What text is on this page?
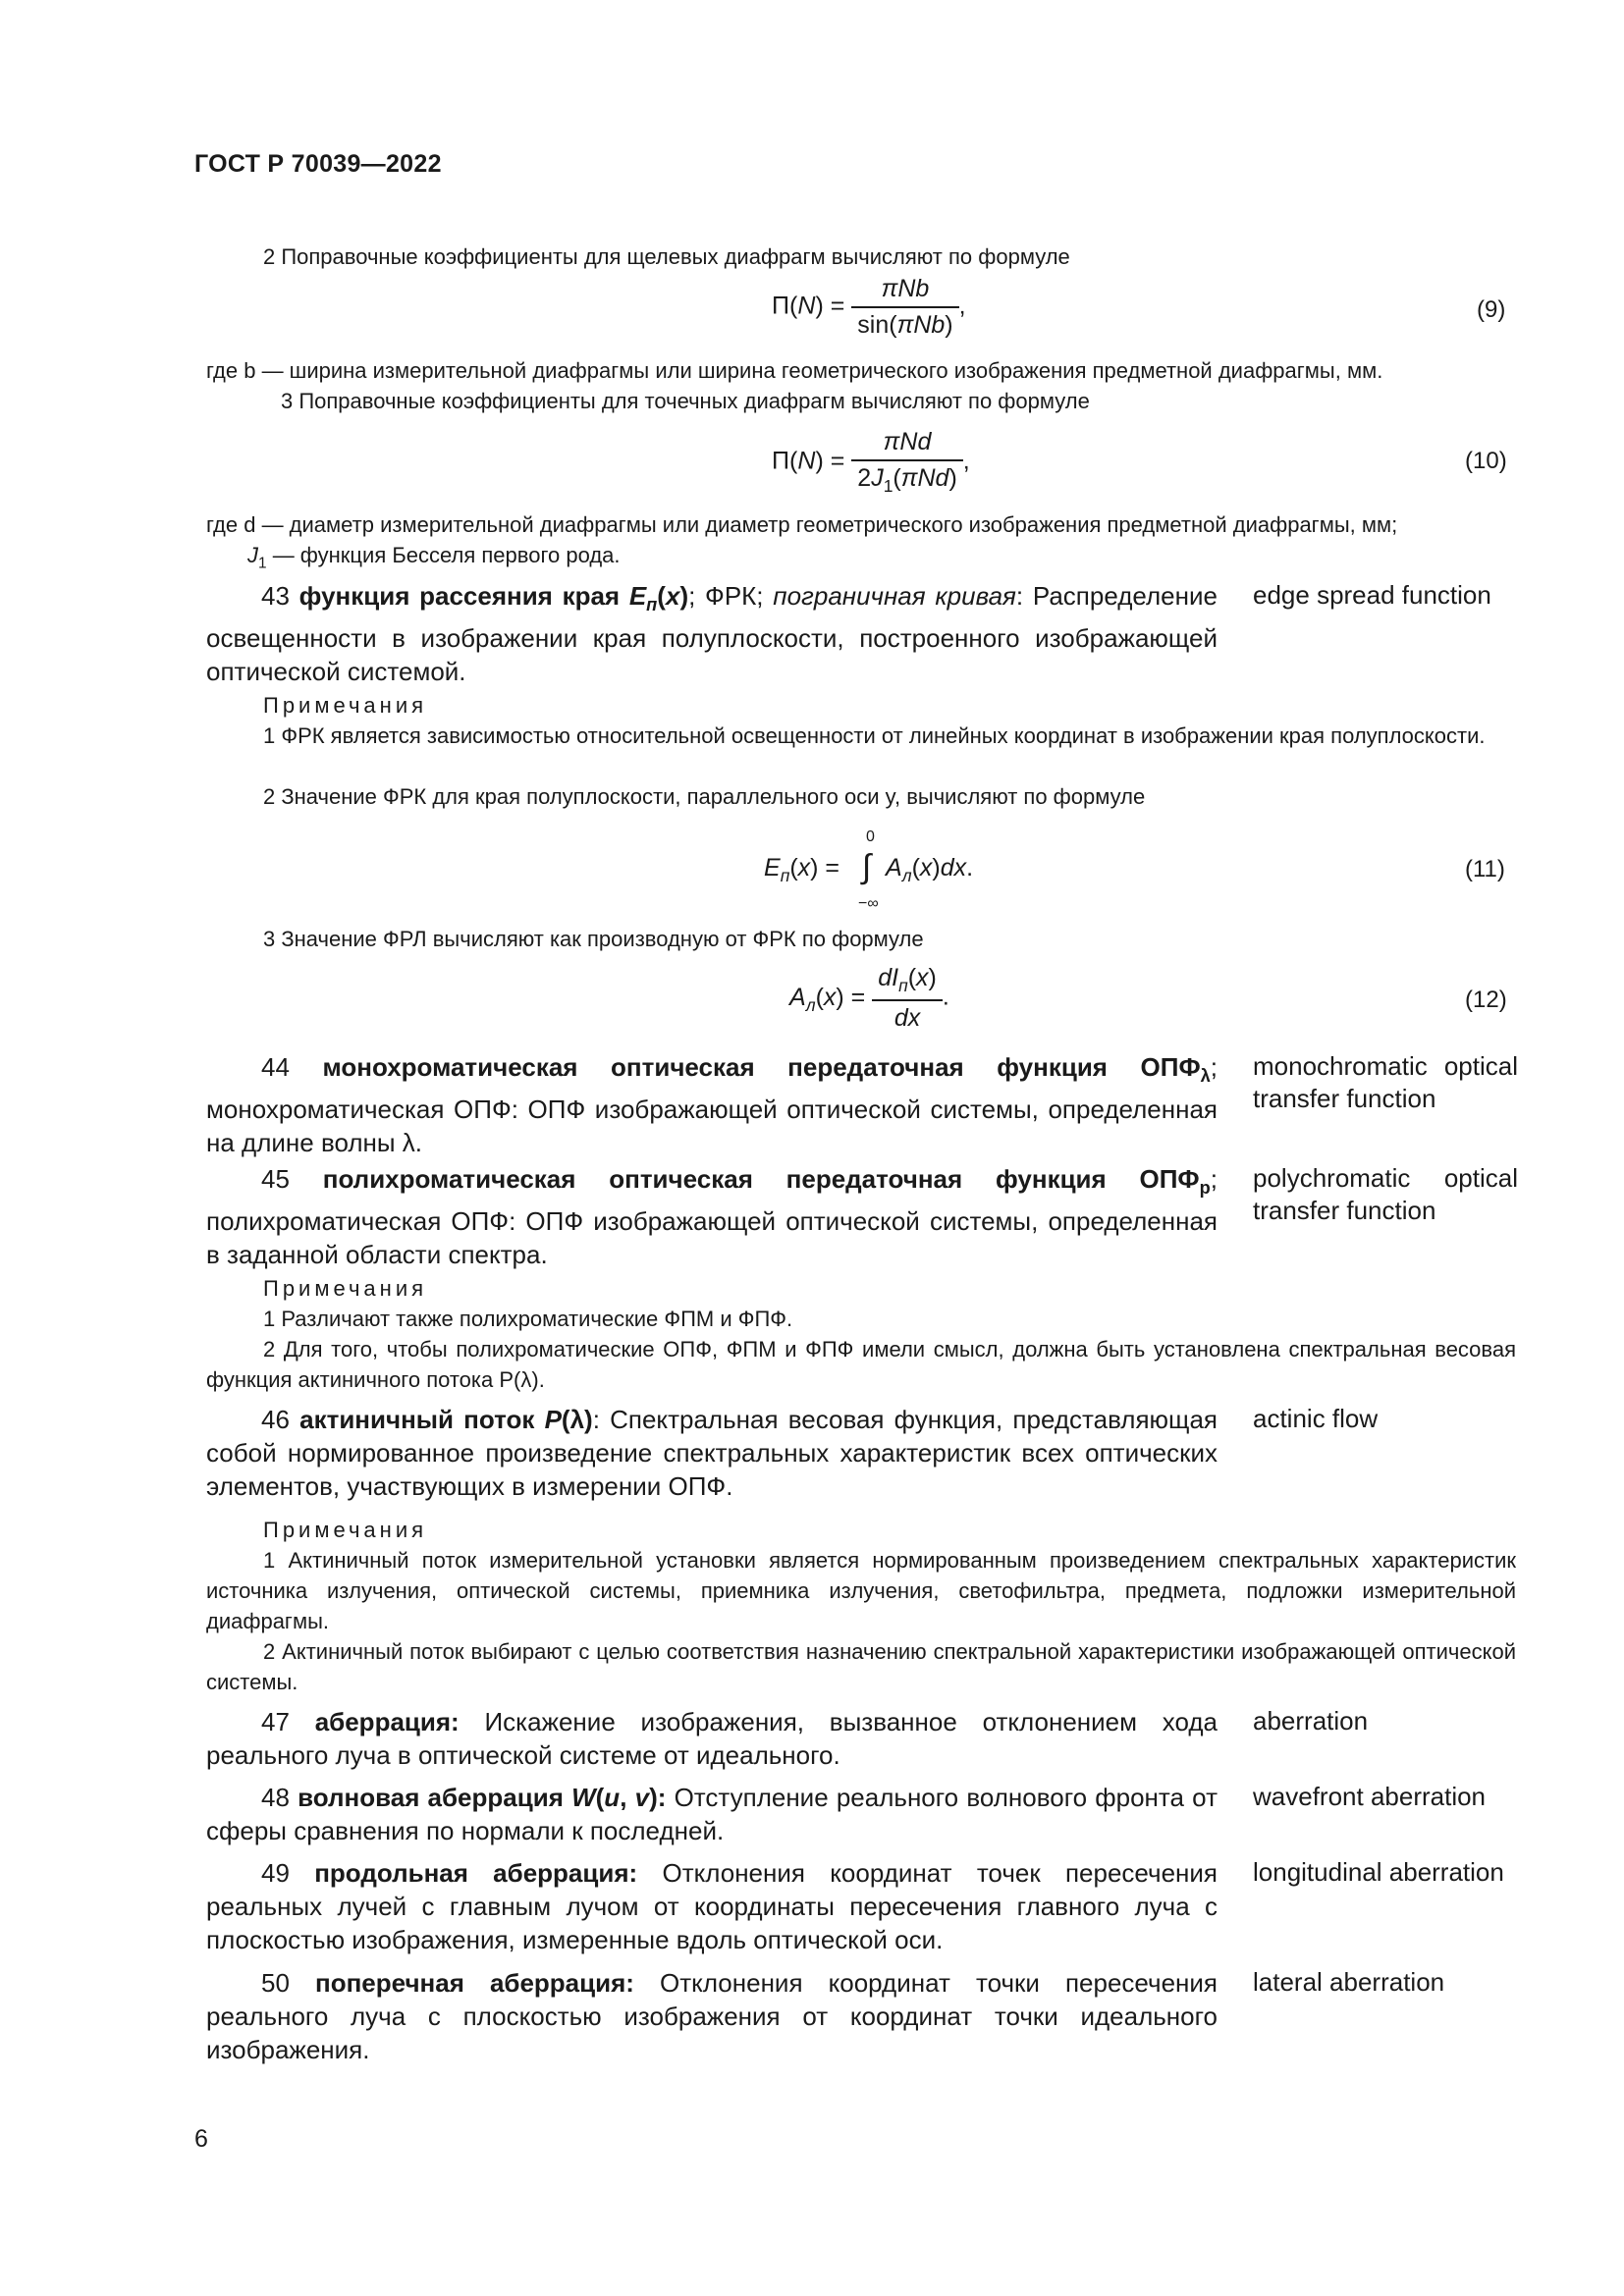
ГОСТ Р 70039—2022
2 Поправочные коэффициенты для щелевых диафрагм вычисляют по формуле
$\Pi(N) = \frac{\text{πNb}}{\text{sin(πNb)}}$ ,	(9)
где b — ширина измерительной диафрагмы или ширина геометрического изображения предметной диафрагмы, мм.
3 Поправочные коэффициенты для точечных диафрагм вычисляют по формуле
$\Pi(N) = \frac{\text{πNd}}{2J_1(\pi Nd)}$ ,	(10)
где d — диаметр измерительной диафрагмы или диаметр геометрического изображения предметной диафрагмы, мм;
$J_1$ — функция Бесселя первого рода.
43 функция рассеяния края $E_п(x)$; ФРК; пограничная кривая: Распределение освещенности в изображении края полуплоскости, построенного изображающей оптической системой.
edge spread function
Примечания
1 ФРК является зависимостью относительной освещенности от линейных координат в изображении края полуплоскости.
2 Значение ФРК для края полуплоскости, параллельного оси y, вычисляют по формуле
$E_п(x)$ =
0
∫
−∞
$A_л(x)dx$.	(11)
3 Значение ФРЛ вычисляют как производную от ФРК по формуле
$A_л(x) = \frac{dI_п(x)}{dx}$ .	(12)
44 монохроматическая оптическая передаточная функция $ОПФ_\lambda$; монохроматическая ОПФ: ОПФ изображающей оптической системы, определенная на длине волны λ.
monochromatic optical transfer function
45 полихроматическая оптическая передаточная функция $ОПФ_p$; полихроматическая ОПФ: ОПФ изображающей оптической системы, определенная в заданной области спектра.
polychromatic optical transfer function
Примечания
1 Различают также полихроматические ФПМ и ФПФ.
2 Для того, чтобы полихроматические ОПФ, ФПМ и ФПФ имели смысл, должна быть установлена спектральная весовая функция актиничного потока P(λ).
46 актиничный поток P(λ): Спектральная весовая функция, представляющая собой нормированное произведение спектральных характеристик всех оптических элементов, участвующих в измерении ОПФ.
actinic flow
Примечания
1 Актиничный поток измерительной установки является нормированным произведением спектральных характеристик источника излучения, оптической системы, приемника излучения, светофильтра, предмета, подложки измерительной диафрагмы.
2 Актиничный поток выбирают с целью соответствия назначению спектральной характеристики изображающей оптической системы.
47 аберрация: Искажение изображения, вызванное отклонением хода реального луча в оптической системе от идеального.
aberration
48 волновая аберрация W(u, v): Отступление реального волнового фронта от сферы сравнения по нормали к последней.
wavefront aberration
49 продольная аберрация: Отклонения координат точек пересечения реальных лучей с главным лучом от координаты пересечения главного луча с плоскостью изображения, измеренные вдоль оптической оси.
longitudinal aberration
50 поперечная аберрация: Отклонения координат точки пересечения реального луча с плоскостью изображения от координат точки идеального изображения.
lateral aberration
6
